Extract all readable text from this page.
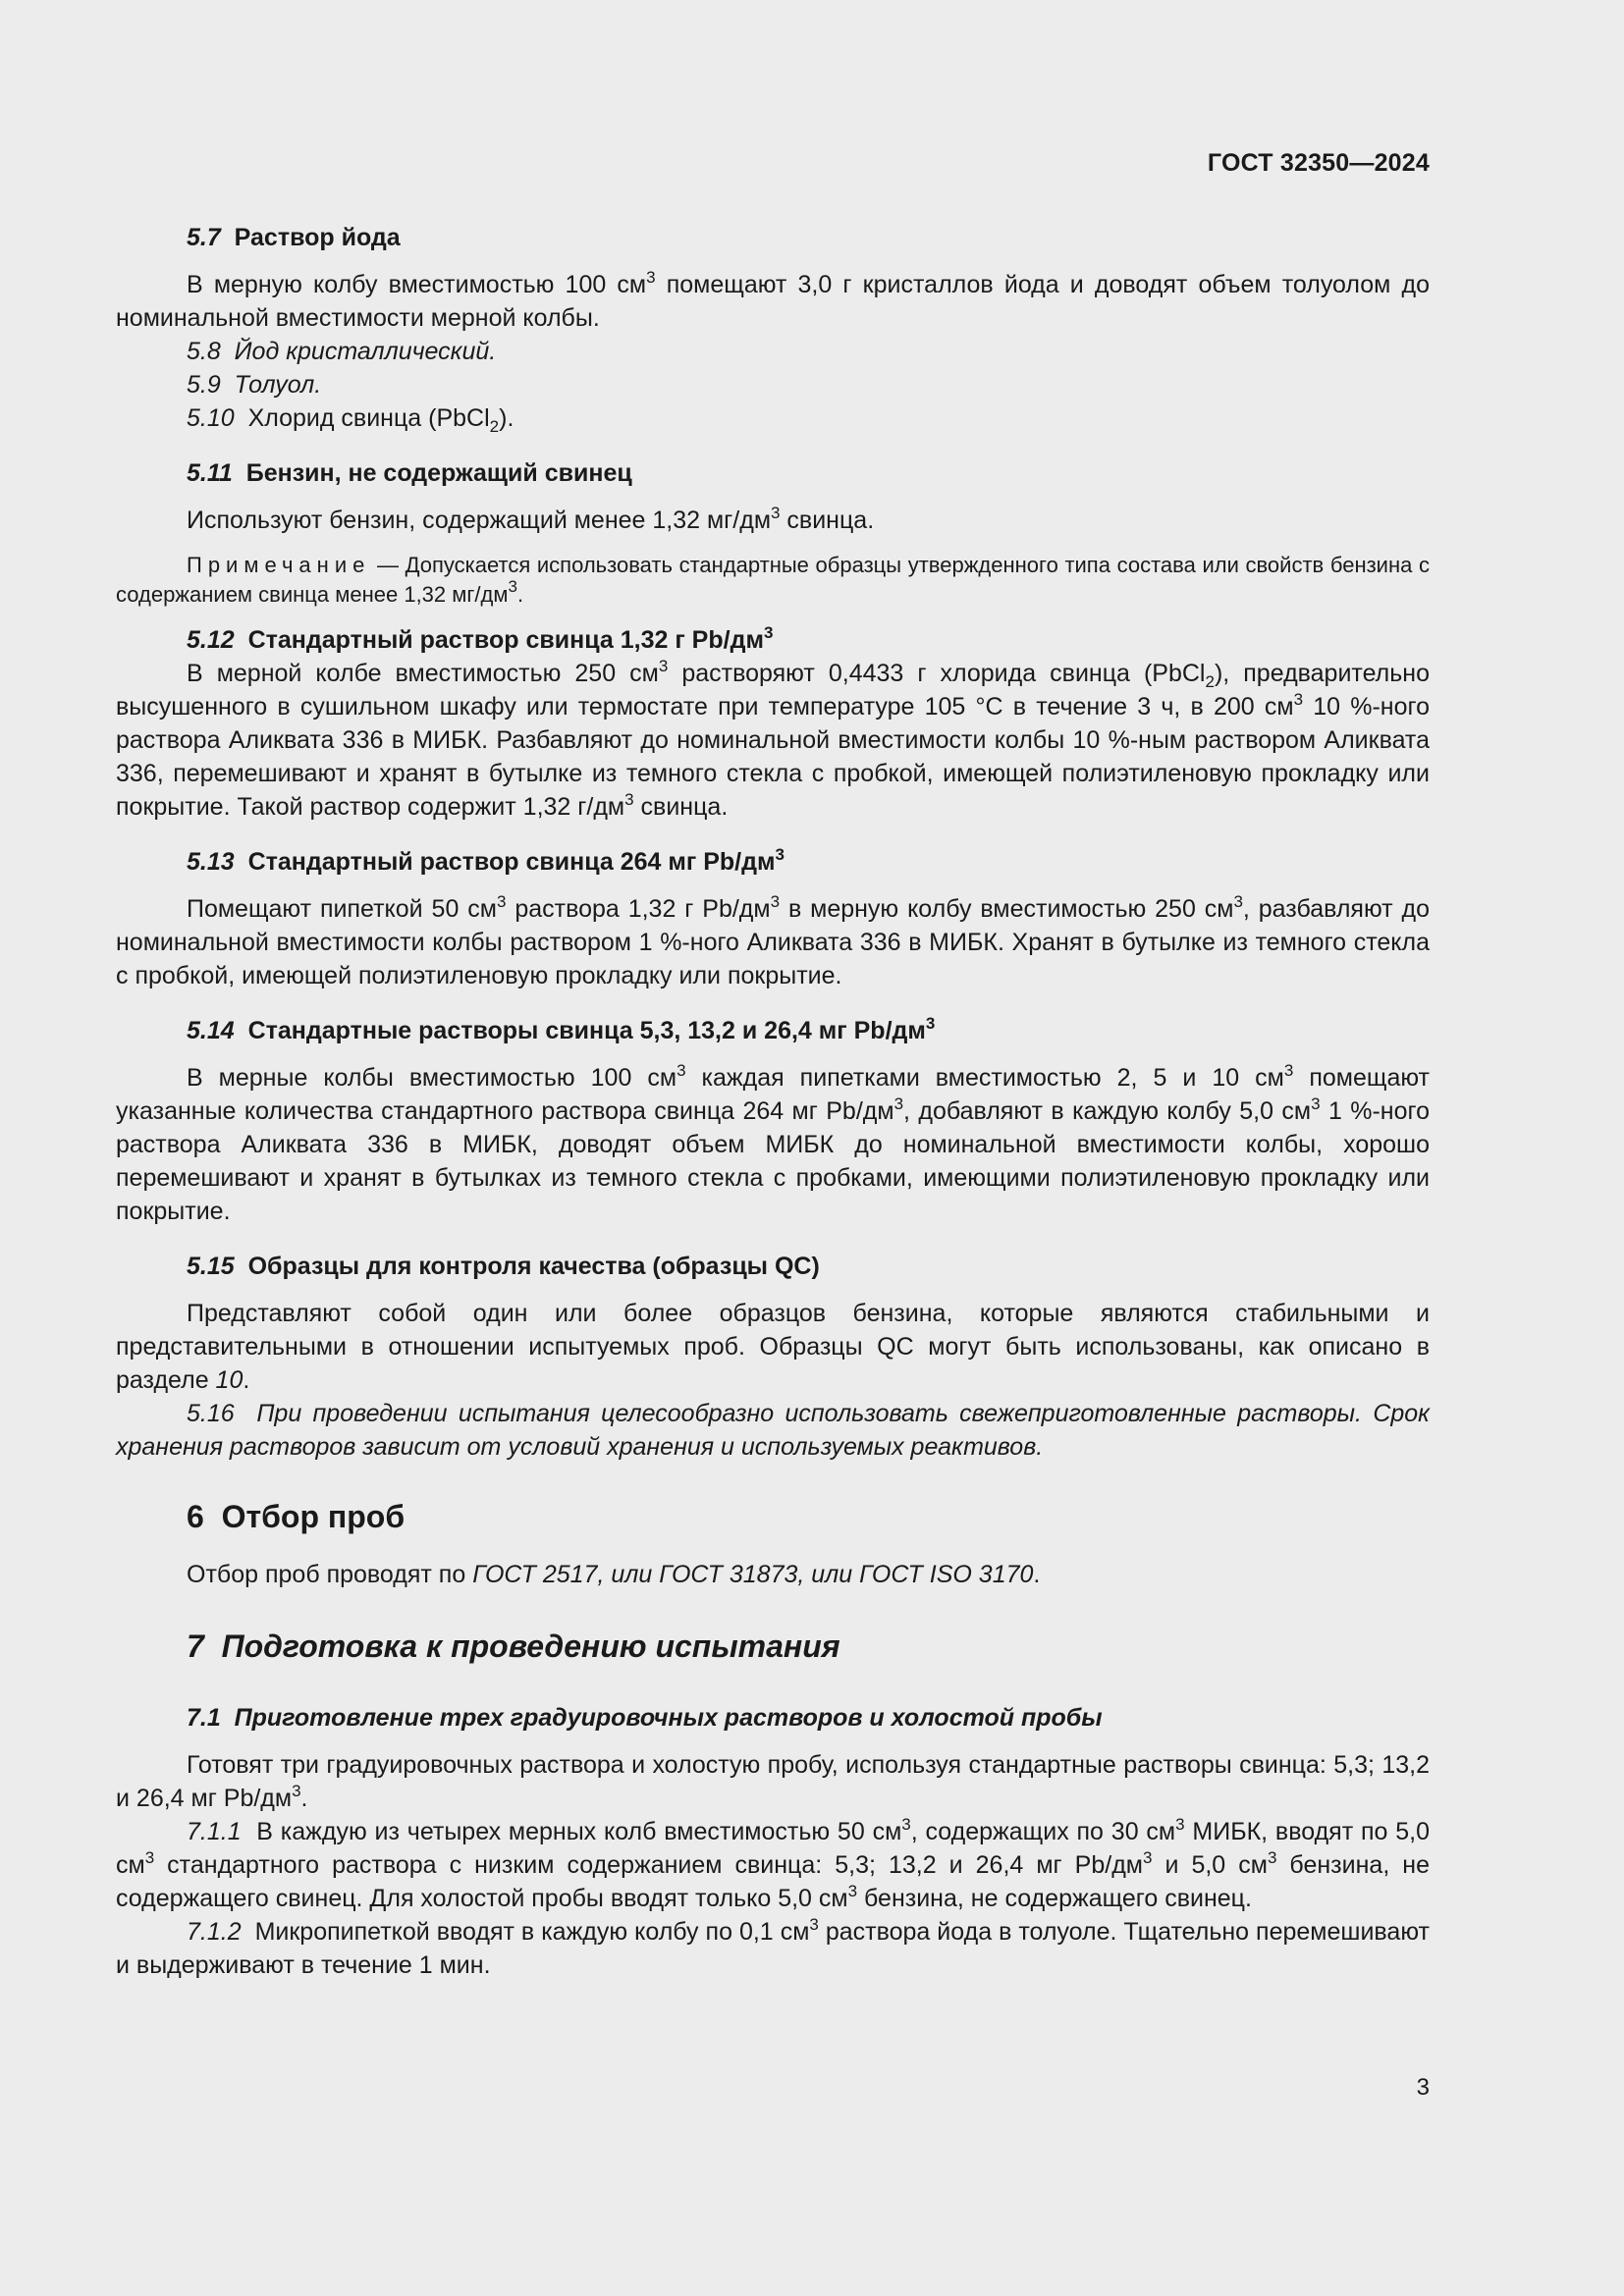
ГОСТ 32350—2024

5.7 Раствор йода

В мерную колбу вместимостью 100 $см^3$ помещают 3,0 г кристаллов йода и доводят объем толуолом до номинальной вместимости мерной колбы.

5.8 Йод кристаллический.

5.9 Толуол.

5.10 Хлорид свинца (PbCl$_2$).

5.11 Бензин, не содержащий свинец

Используют бензин, содержащий менее 1,32 $мг/дм^3$ свинца.

Примечание — Допускается использовать стандартные образцы утвержденного типа состава или свойств бензина с содержанием свинца менее 1,32 $мг/дм^3$.

5.12 Стандартный раствор свинца 1,32 г $Pb/дм^3$

В мерной колбе вместимостью 250 $см^3$ растворяют 0,4433 г хлорида свинца (PbCl$_2$), предварительно высушенного в сушильном шкафу или термостате при температуре 105 °C в течение 3 ч, в 200 $см^3$ 10 %-ного раствора Аликвата 336 в МИБК. Разбавляют до номинальной вместимости колбы 10 %-ным раствором Аликвата 336, перемешивают и хранят в бутылке из темного стекла с пробкой, имеющей полиэтиленовую прокладку или покрытие. Такой раствор содержит 1,32 $г/дм^3$ свинца.

5.13 Стандартный раствор свинца 264 мг $Pb/дм^3$

Помещают пипеткой 50 $см^3$ раствора 1,32 г $Pb/дм^3$ в мерную колбу вместимостью 250 $см^3$, разбавляют до номинальной вместимости колбы раствором 1 %-ного Аликвата 336 в МИБК. Хранят в бутылке из темного стекла с пробкой, имеющей полиэтиленовую прокладку или покрытие.

5.14 Стандартные растворы свинца 5,3, 13,2 и 26,4 мг $Pb/дм^3$

В мерные колбы вместимостью 100 $см^3$ каждая пипетками вместимостью 2, 5 и 10 $см^3$ помещают указанные количества стандартного раствора свинца 264 мг $Pb/дм^3$, добавляют в каждую колбу 5,0 $см^3$ 1 %-ного раствора Аликвата 336 в МИБК, доводят объем МИБК до номинальной вместимости колбы, хорошо перемешивают и хранят в бутылках из темного стекла с пробками, имеющими полиэтиленовую прокладку или покрытие.

5.15 Образцы для контроля качества (образцы QC)

Представляют собой один или более образцов бензина, которые являются стабильными и представительными в отношении испытуемых проб. Образцы QC могут быть использованы, как описано в разделе 10.

5.16 При проведении испытания целесообразно использовать свежеприготовленные растворы. Срок хранения растворов зависит от условий хранения и используемых реактивов.

6 Отбор проб

Отбор проб проводят по ГОСТ 2517, или ГОСТ 31873, или ГОСТ ISO 3170.

7 Подготовка к проведению испытания

7.1 Приготовление трех градуировочных растворов и холостой пробы

Готовят три градуировочных раствора и холостую пробу, используя стандартные растворы свинца: 5,3; 13,2 и 26,4 мг $Pb/дм^3$.

7.1.1 В каждую из четырех мерных колб вместимостью 50 $см^3$, содержащих по 30 $см^3$ МИБК, вводят по 5,0 $см^3$ стандартного раствора с низким содержанием свинца: 5,3; 13,2 и 26,4 мг $Pb/дм^3$ и 5,0 $см^3$ бензина, не содержащего свинец. Для холостой пробы вводят только 5,0 $см^3$ бензина, не содержащего свинец.

7.1.2 Микропипеткой вводят в каждую колбу по 0,1 $см^3$ раствора йода в толуоле. Тщательно перемешивают и выдерживают в течение 1 мин.

3
